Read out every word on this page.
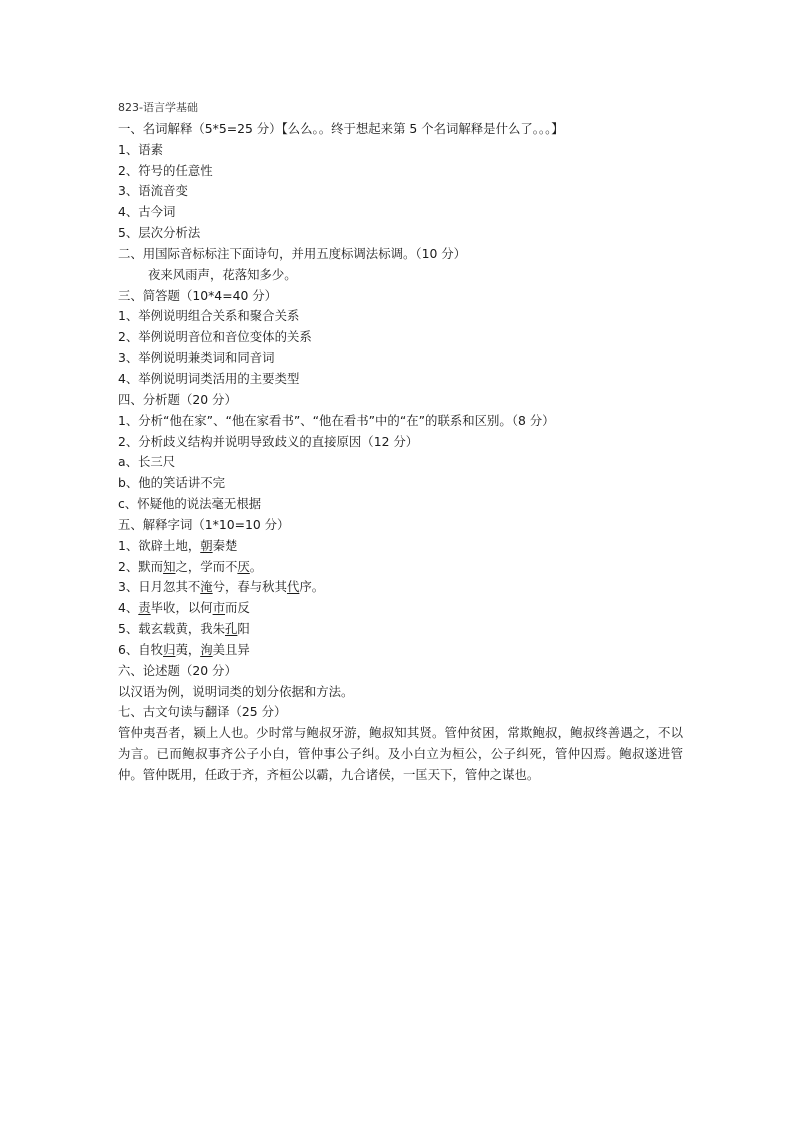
823-语言学基础
一、名词解释（5*5=25 分）【么么。。终于想起来第 5 个名词解释是什么了。。。】
1、语素
2、符号的任意性
3、语流音变
4、古今词
5、层次分析法
二、用国际音标标注下面诗句，并用五度标调法标调。（10 分）
夜来风雨声，花落知多少。
三、简答题（10*4=40 分）
1、举例说明组合关系和聚合关系
2、举例说明音位和音位变体的关系
3、举例说明兼类词和同音词
4、举例说明词类活用的主要类型
四、分析题（20 分）
1、分析“他在家”、“他在家看书”、“他在看书”中的“在”的联系和区别。（8 分）
2、分析歧义结构并说明导致歧义的直接原因（12 分）
a、长三尺
b、他的笑话讲不完
c、怀疑他的说法毫无根据
五、解释字词（1*10=10 分）
1、欲辟土地，朝秦楚
2、默而知之，学而不厌。
3、日月忽其不淹兮，春与秋其代序。
4、责毕收，以何市而反
5、载玄载黄，我朱孔阳
6、自牧归荑，洵美且异
六、论述题（20 分）
以汉语为例，说明词类的划分依据和方法。
七、古文句读与翻译（25 分）

管仲夷吾者，颍上人也。少时常与鲍叔牙游，鲍叔知其贤。管仲贫困，常欺鲍叔，鲍叔终善遇之，不以为言。已而鲍叔事齐公子小白，管仲事公子纠。及小白立为桓公，公子纠死，管仲囚焉。鲍叔遂进管仲。管仲既用，任政于齐，齐桓公以霸，九合诸侯，一匡天下，管仲之谋也。
